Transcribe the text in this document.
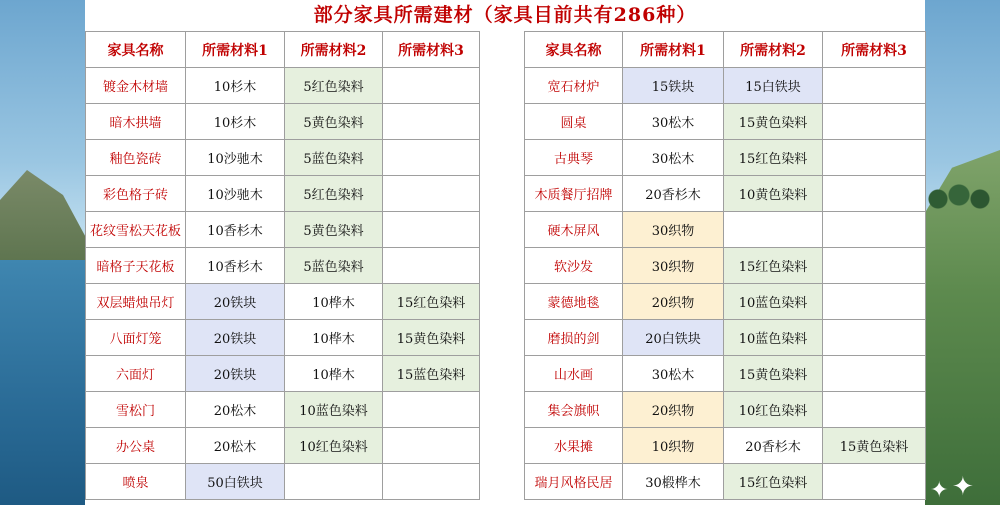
✦ ✦
部分家具所需建材（家具目前共有286种）
家具名称	所需材料1	所需材料2	所需材料3		家具名称	所需材料1	所需材料2	所需材料3
镀金木材墙	10杉木	5红色染料			宽石材炉	15铁块	15白铁块	
暗木拱墙	10杉木	5黄色染料			圆桌	30松木	15黄色染料	
釉色瓷砖	10沙驰木	5蓝色染料			古典琴	30松木	15红色染料	
彩色格子砖	10沙驰木	5红色染料			木质餐厅招牌	20香杉木	10黄色染料	
花纹雪松天花板	10香杉木	5黄色染料			硬木屏风	30织物		
暗格子天花板	10香杉木	5蓝色染料			软沙发	30织物	15红色染料	
双层蜡烛吊灯	20铁块	10桦木	15红色染料		蒙德地毯	20织物	10蓝色染料	
八面灯笼	20铁块	10桦木	15黄色染料		磨损的剑	20白铁块	10蓝色染料	
六面灯	20铁块	10桦木	15蓝色染料		山水画	30松木	15黄色染料	
雪松门	20松木	10蓝色染料			集会旗帜	20织物	10红色染料	
办公桌	20松木	10红色染料			水果摊	10织物	20香杉木	15黄色染料
喷泉	50白铁块				瑞月风格民居	30椴桦木	15红色染料	
